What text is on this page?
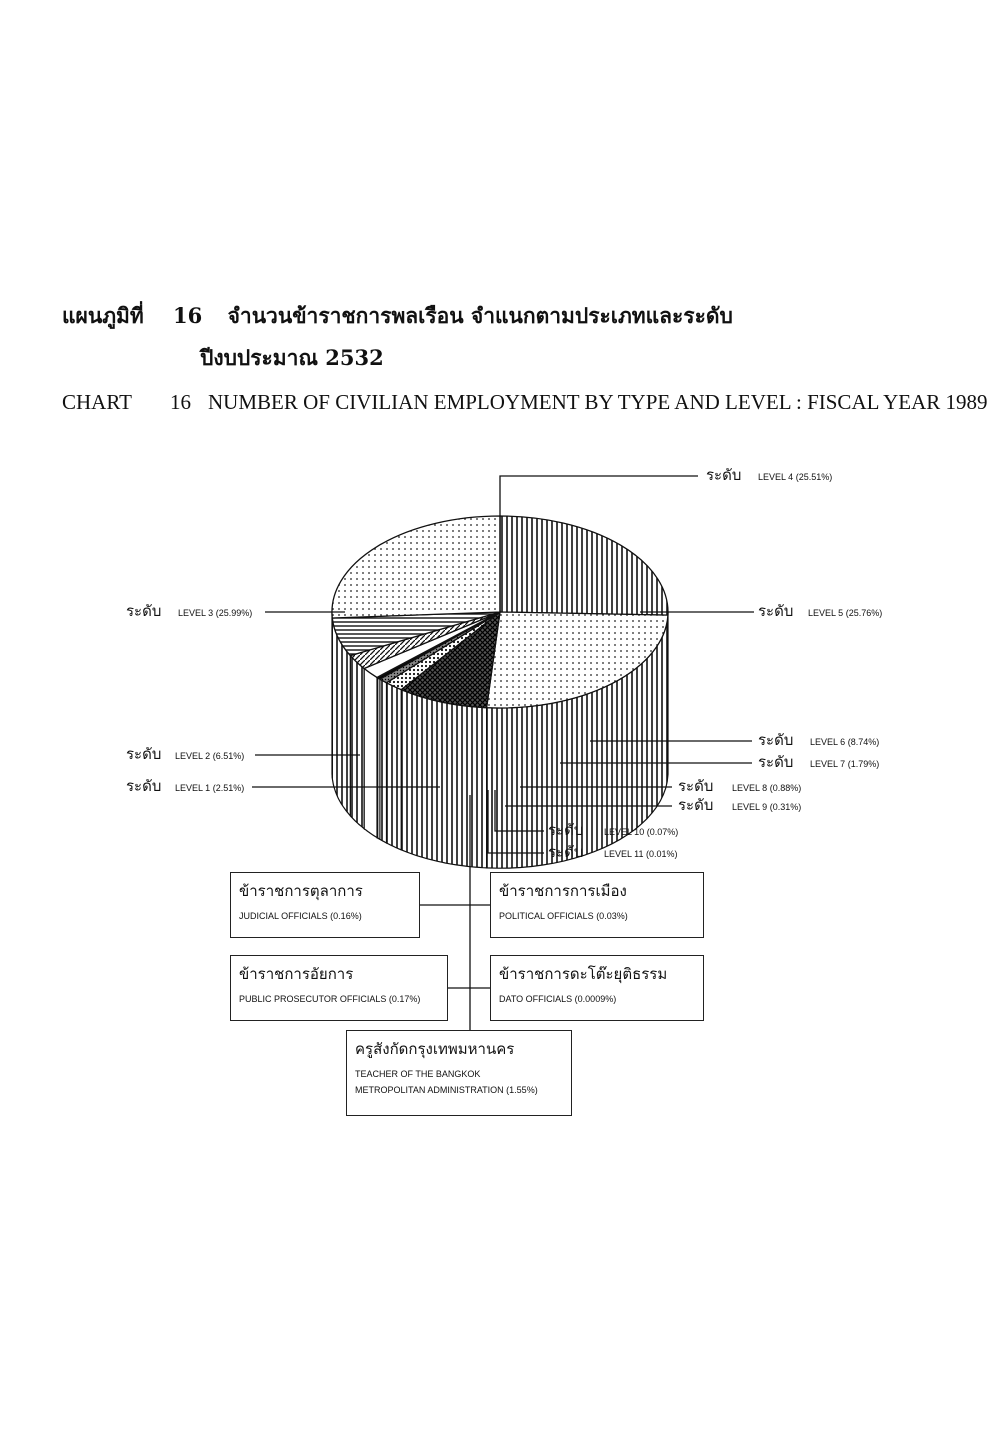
แผนภูมิที่ 16 จำนวนข้าราชการพลเรือน จำแนกตามประเภทและระดับ
ปีงบประมาณ 2532
CHART 16 NUMBER OF CIVILIAN EMPLOYMENT BY TYPE AND LEVEL : FISCAL YEAR 1989
ระดับ LEVEL 4 (25.51%)
ระดับ LEVEL 5 (25.76%)
ระดับ LEVEL 6 (8.74%)
ระดับ LEVEL 7 (1.79%)
ระดับ LEVEL 8 (0.88%)
ระดับ LEVEL 9 (0.31%)
ระดับ LEVEL 10 (0.07%)
ระดับ LEVEL 11 (0.01%)
ระดับ LEVEL 3 (25.99%)
ระดับ LEVEL 2 (6.51%)
ระดับ LEVEL 1 (2.51%)
ข้าราชการตุลาการ
JUDICIAL OFFICIALS (0.16%)
ข้าราชการการเมือง
POLITICAL OFFICIALS (0.03%)
ข้าราชการอัยการ
PUBLIC PROSECUTOR OFFICIALS (0.17%)
ข้าราชการดะโต๊ะยุติธรรม
DATO OFFICIALS (0.0009%)
ครูสังกัดกรุงเทพมหานคร
TEACHER OF THE BANGKOK
METROPOLITAN ADMINISTRATION (1.55%)
